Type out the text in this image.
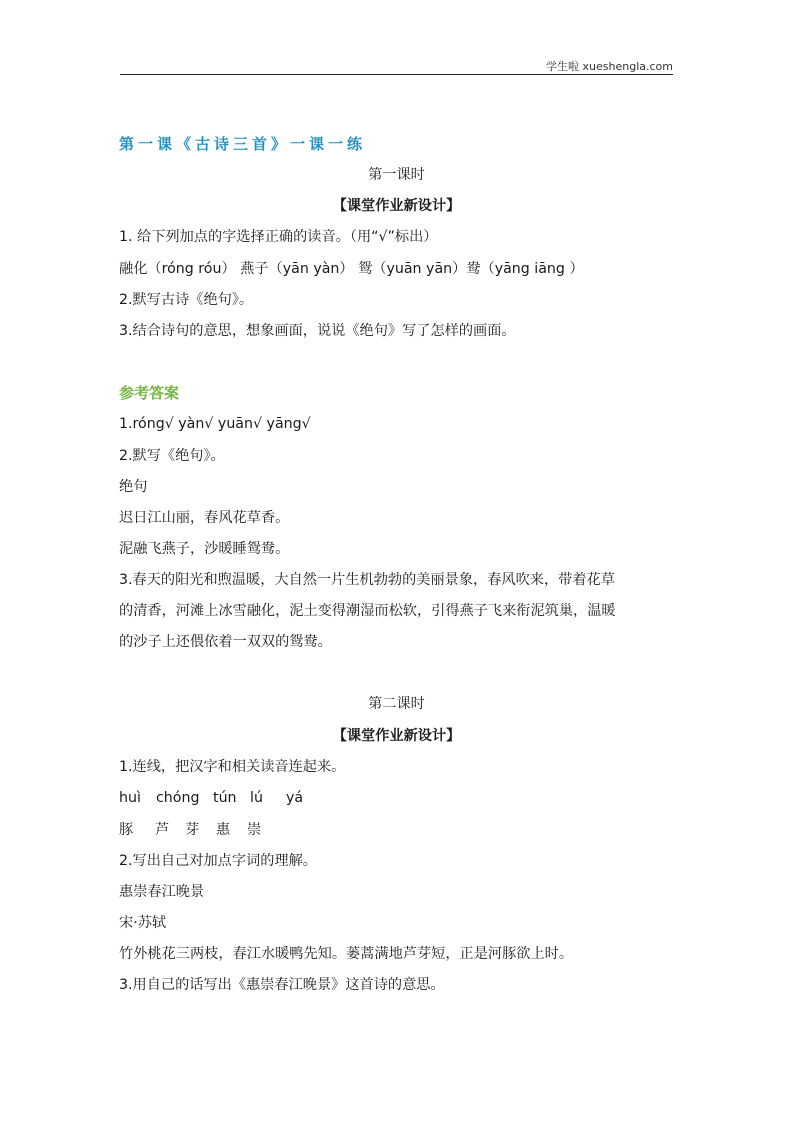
学生啦 xueshengla.com
第一课《古诗三首》一课一练
第一课时
【课堂作业新设计】
1. 给下列加点的字选择正确的读音。（用“√”标出）
融化（róng róu） 燕子（yān yàn） 鸳（yuān yān）鸯（yāng iāng ）
2.默写古诗《绝句》。
3.结合诗句的意思，想象画面，说说《绝句》写了怎样的画面。
参考答案
1.róng√ yàn√ yuān√ yāng√
2.默写《绝句》。
绝句
迟日江山丽，春风花草香。
泥融飞燕子，沙暖睡鸳鸯。
3.春天的阳光和煦温暖，大自然一片生机勃勃的美丽景象，春风吹来，带着花草
的清香，河滩上冰雪融化，泥土变得潮湿而松软，引得燕子飞来衔泥筑巢，温暖
的沙子上还偎依着一双双的鸳鸯。
第二课时
【课堂作业新设计】
1.连线，把汉字和相关读音连起来。
huì chóng tún lú yá
豚 芦 芽 惠 崇
2.写出自己对加点字词的理解。
惠崇春江晚景
宋·苏轼
竹外桃花三两枝，春江水暖鸭先知。蒌蒿满地芦芽短，正是河豚欲上时。
3.用自己的话写出《惠崇春江晚景》这首诗的意思。
